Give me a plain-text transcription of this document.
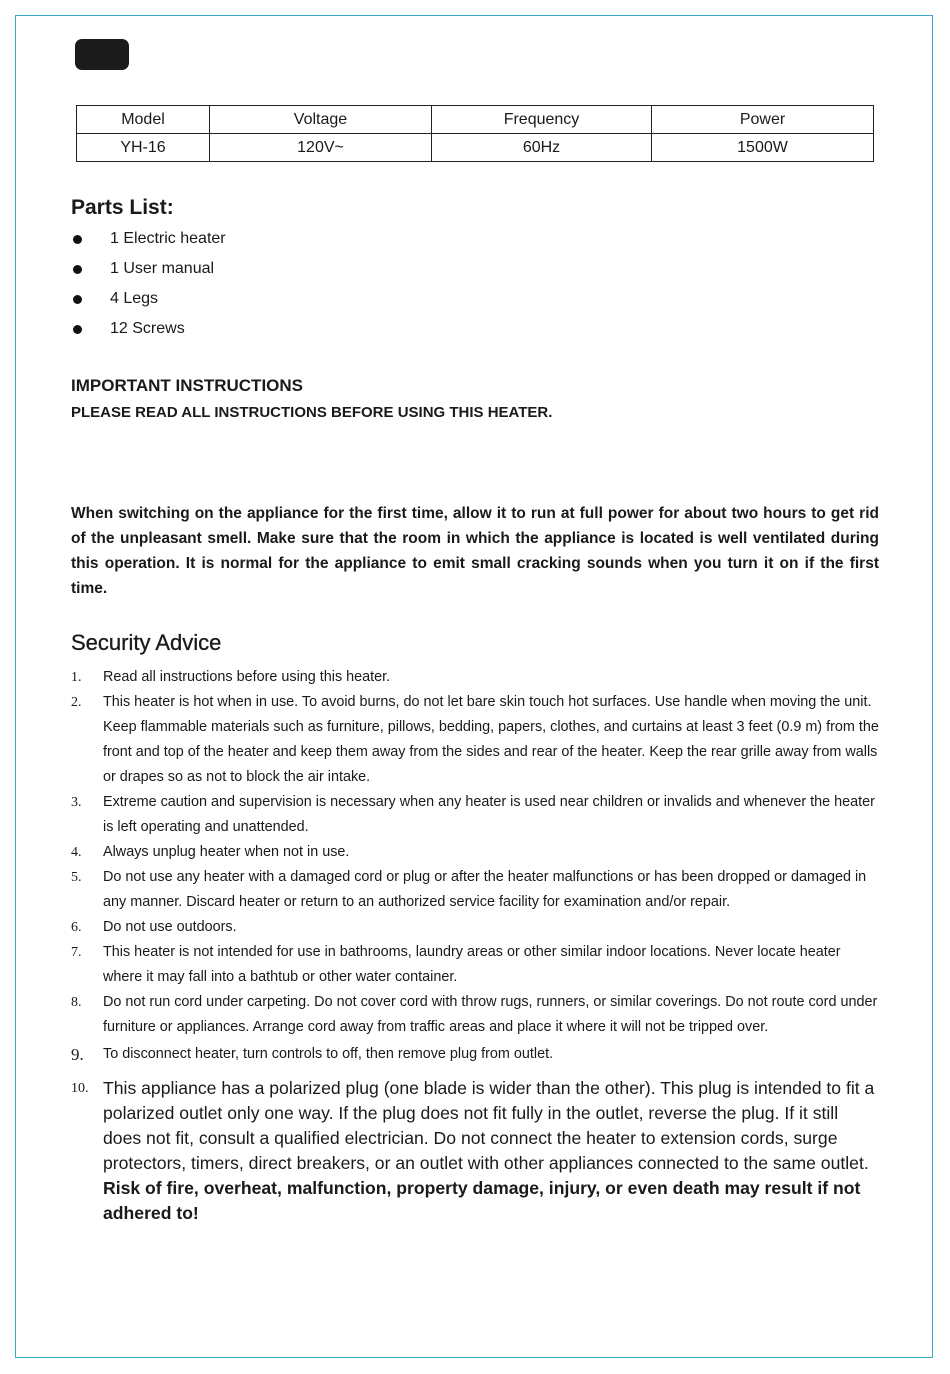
Model	Voltage	Frequency	Power
YH-16	120V~	60Hz	1500W
Parts List:
1 Electric heater
1 User manual
4 Legs
12 Screws
IMPORTANT INSTRUCTIONS
PLEASE READ ALL INSTRUCTIONS BEFORE USING THIS HEATER.

When switching on the appliance for the first time, allow it to run at full power for about two hours to get rid of the unpleasant smell. Make sure that the room in which the appliance is located is well ventilated during this operation. It is normal for the appliance to emit small cracking sounds when you turn it on if the first time.

Security Advice
1. Read all instructions before using this heater.
2. This heater is hot when in use. To avoid burns, do not let bare skin touch hot surfaces. Use handle when moving the unit. Keep flammable materials such as furniture, pillows, bedding, papers, clothes, and curtains at least 3 feet (0.9 m) from the front and top of the heater and keep them away from the sides and rear of the heater. Keep the rear grille away from walls or drapes so as not to block the air intake.
3. Extreme caution and supervision is necessary when any heater is used near children or invalids and whenever the heater is left operating and unattended.
4. Always unplug heater when not in use.
5. Do not use any heater with a damaged cord or plug or after the heater malfunctions or has been dropped or damaged in any manner. Discard heater or return to an authorized service facility for examination and/or repair.
6. Do not use outdoors.
7. This heater is not intended for use in bathrooms, laundry areas or other similar indoor locations. Never locate heater where it may fall into a bathtub or other water container.
8. Do not run cord under carpeting. Do not cover cord with throw rugs, runners, or similar coverings. Do not route cord under furniture or appliances. Arrange cord away from traffic areas and place it where it will not be tripped over.
9. To disconnect heater, turn controls to off, then remove plug from outlet.
10. This appliance has a polarized plug (one blade is wider than the other). This plug is intended to fit a polarized outlet only one way. If the plug does not fit fully in the outlet, reverse the plug. If it still does not fit, consult a qualified electrician. Do not connect the heater to extension cords, surge protectors, timers, direct breakers, or an outlet with other appliances connected to the same outlet. Risk of fire, overheat, malfunction, property damage, injury, or even death may result if not adhered to!
